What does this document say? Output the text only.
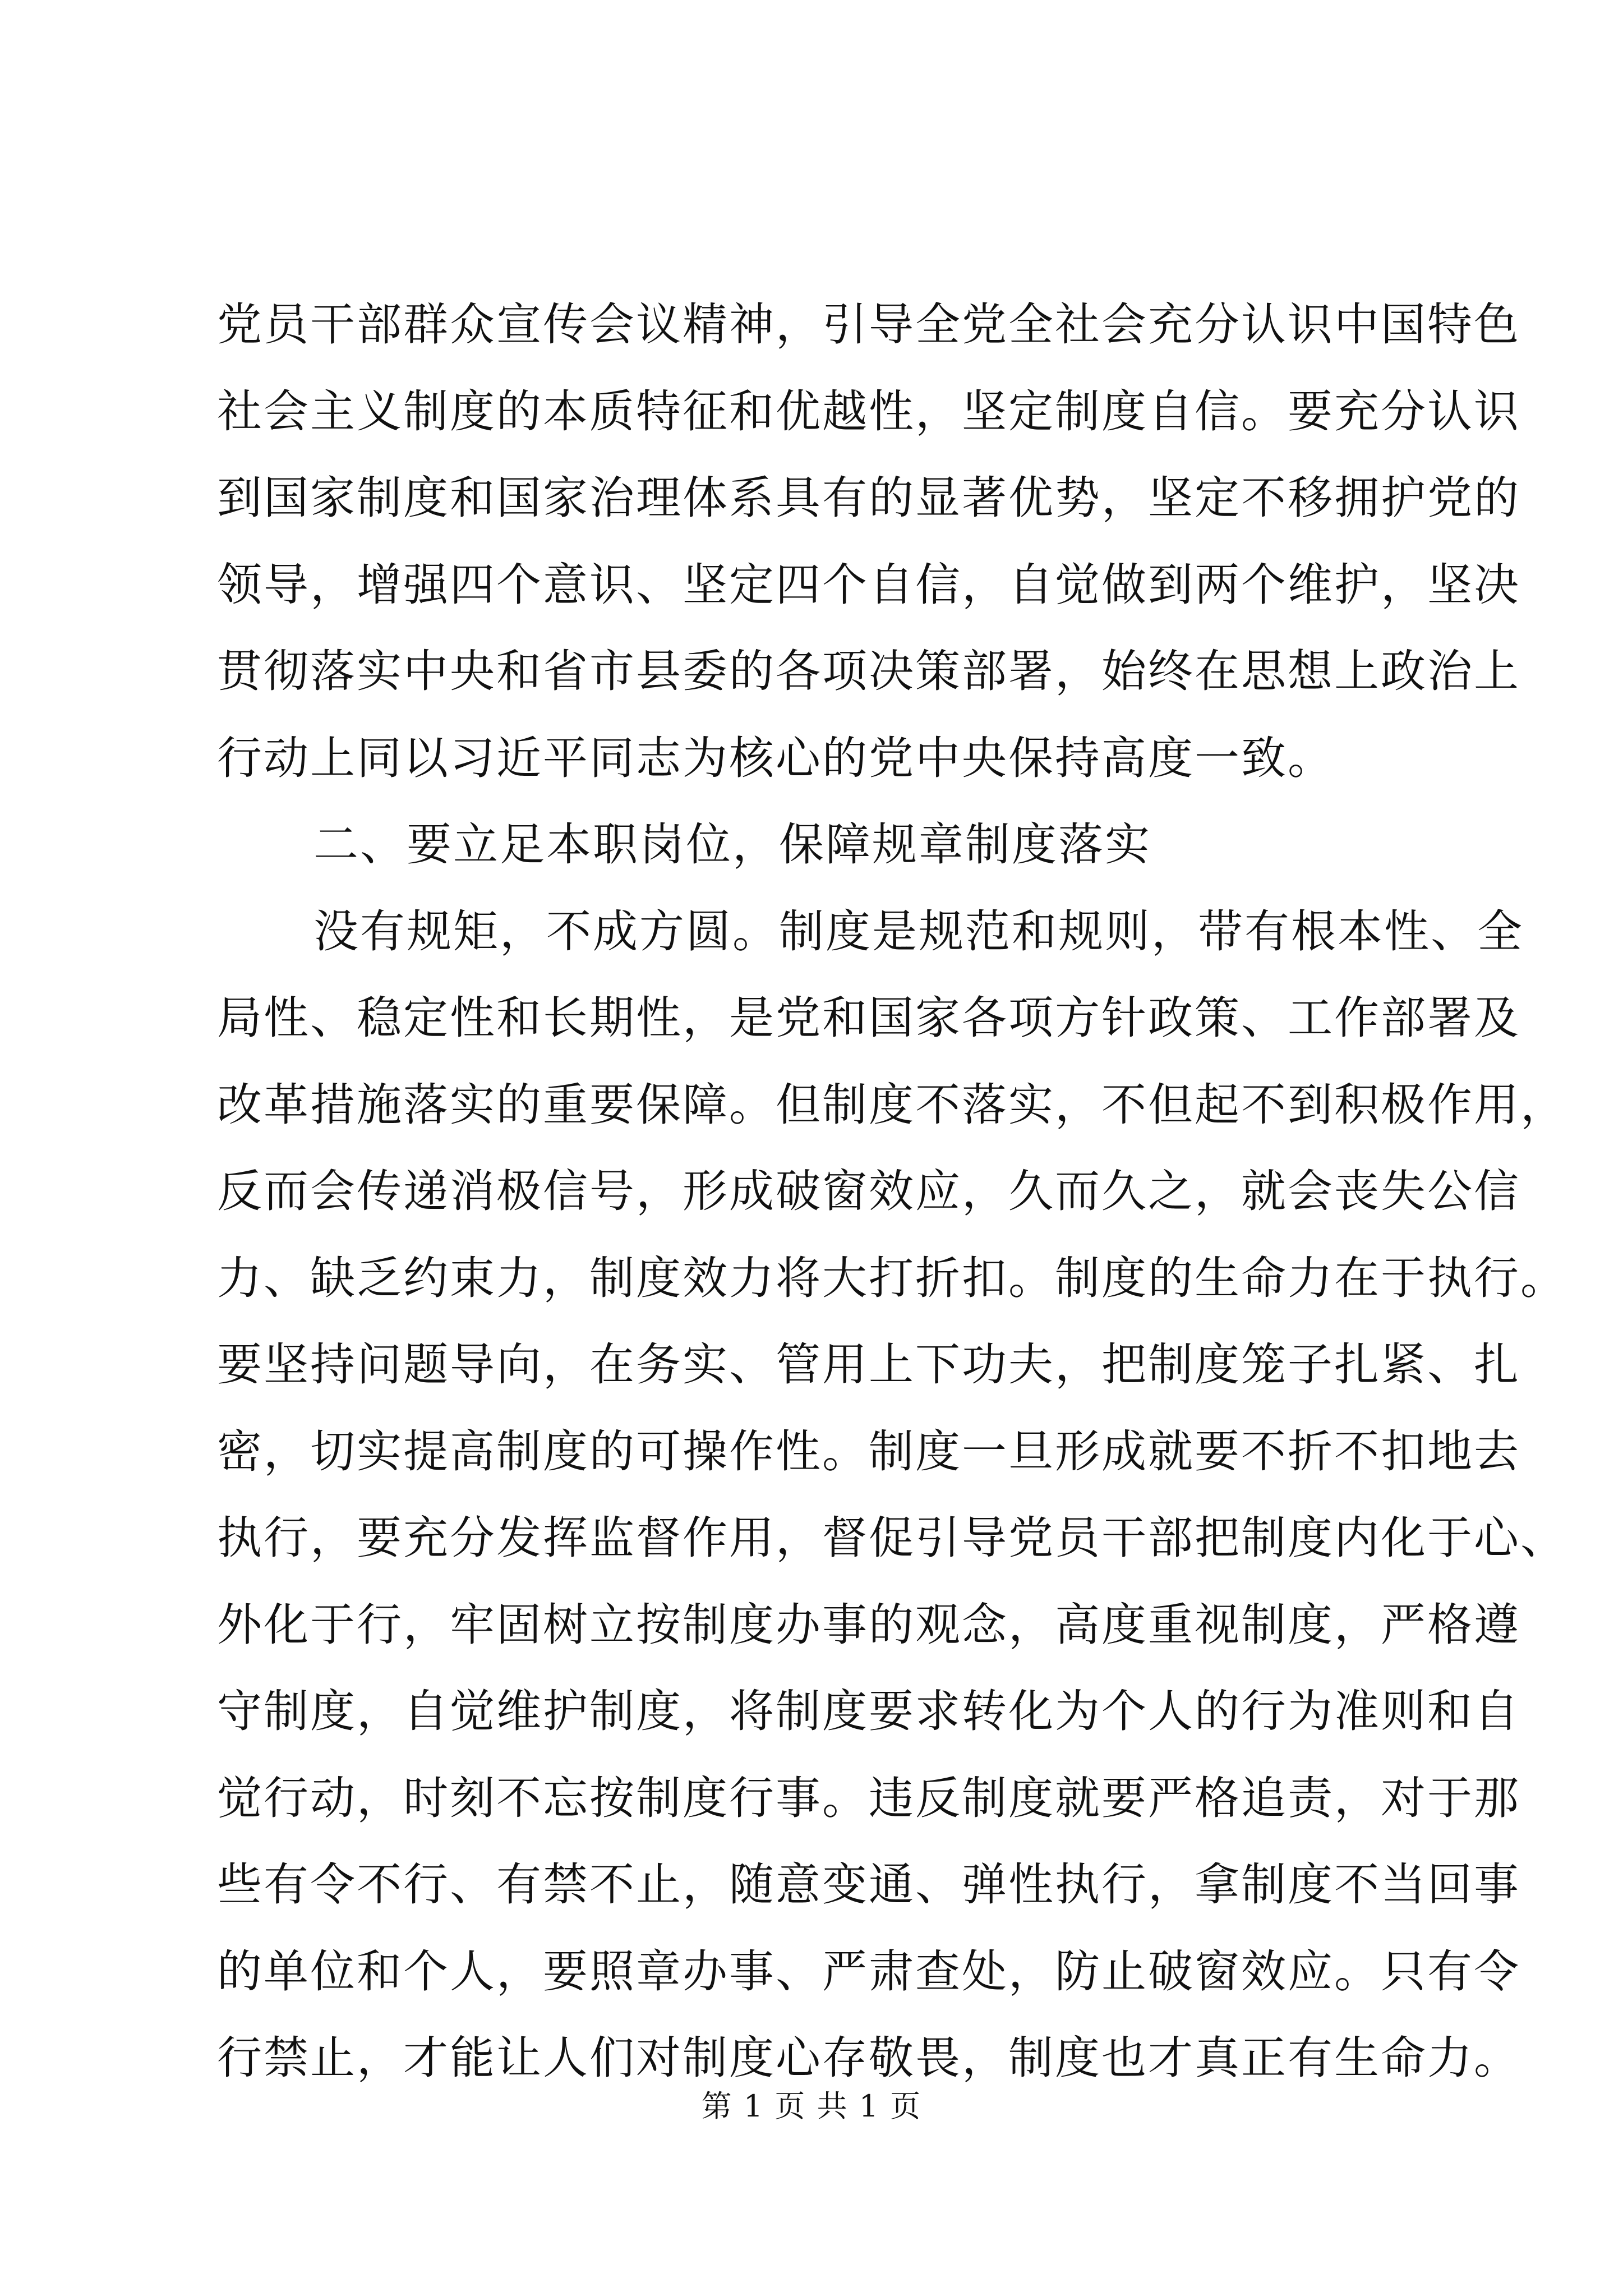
党员干部群众宣传会议精神，引导全党全社会充分认识中国特色
社会主义制度的本质特征和优越性，坚定制度自信。要充分认识
到国家制度和国家治理体系具有的显著优势，坚定不移拥护党的
领导，增强四个意识、坚定四个自信，自觉做到两个维护，坚决
贯彻落实中央和省市县委的各项决策部署，始终在思想上政治上
行动上同以习近平同志为核心的党中央保持高度一致。
二、要立足本职岗位，保障规章制度落实
没有规矩，不成方圆。制度是规范和规则，带有根本性、全
局性、稳定性和长期性，是党和国家各项方针政策、工作部署及
改革措施落实的重要保障。但制度不落实，不但起不到积极作用，
反而会传递消极信号，形成破窗效应，久而久之，就会丧失公信
力、缺乏约束力，制度效力将大打折扣。制度的生命力在于执行。
要坚持问题导向，在务实、管用上下功夫，把制度笼子扎紧、扎
密，切实提高制度的可操作性。制度一旦形成就要不折不扣地去
执行，要充分发挥监督作用，督促引导党员干部把制度内化于心、
外化于行，牢固树立按制度办事的观念，高度重视制度，严格遵
守制度，自觉维护制度，将制度要求转化为个人的行为准则和自
觉行动，时刻不忘按制度行事。违反制度就要严格追责，对于那
些有令不行、有禁不止，随意变通、弹性执行，拿制度不当回事
的单位和个人，要照章办事、严肃查处，防止破窗效应。只有令
行禁止，才能让人们对制度心存敬畏，制度也才真正有生命力。
第 1 页 共 1 页
